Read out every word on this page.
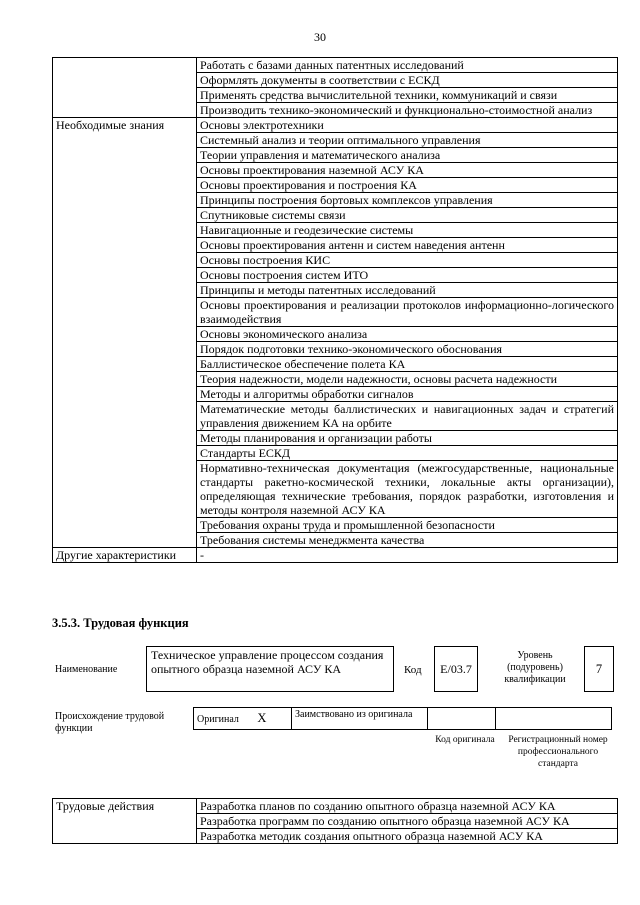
30
	Работать с базами данных патентных исследований
	Оформлять документы в соответствии с ЕСКД
	Применять средства вычислительной техники, коммуникаций и связи
	Производить технико-экономический и функционально-стоимостной анализ
Необходимые знания	Основы электротехники
	Системный анализ и теории оптимального управления
	Теории управления и математического анализа
	Основы проектирования наземной АСУ КА
	Основы проектирования и построения КА
	Принципы построения бортовых комплексов управления
	Спутниковые системы связи
	Навигационные и геодезические системы
	Основы проектирования антенн и систем наведения антенн
	Основы построения КИС
	Основы построения систем ИТО
	Принципы и методы патентных исследований
	Основы проектирования и реализации протоколов информационно-логического взаимодействия
	Основы экономического анализа
	Порядок подготовки технико-экономического обоснования
	Баллистическое обеспечение полета КА
	Теория надежности, модели надежности, основы расчета надежности
	Методы и алгоритмы обработки сигналов
	Математические методы баллистических и навигационных задач и стратегий управления движением КА на орбите
	Методы планирования и организации работы
	Стандарты ЕСКД
	Нормативно-техническая документация (межгосударственные, национальные стандарты ракетно-космической техники, локальные акты организации), определяющая технические требования, порядок разработки, изготовления и методы контроля наземной АСУ КА
	Требования охраны труда и промышленной безопасности
	Требования системы менеджмента качества
Другие характеристики	-
3.5.3. Трудовая функция
Наименование
Техническое управление процессом создания опытного образца наземной АСУ КА	Код	E/03.7
Уровень (подуровень) квалификации
7
Происхождение трудовой функции
Оригинал X	Заимствовано из оригинала		
Код оригинала	Регистрационный номер профессионального стандарта
Трудовые действия	Разработка планов по созданию опытного образца наземной АСУ КА
Разработка программ по созданию опытного образца наземной АСУ КА
Разработка методик создания опытного образца наземной АСУ КА
